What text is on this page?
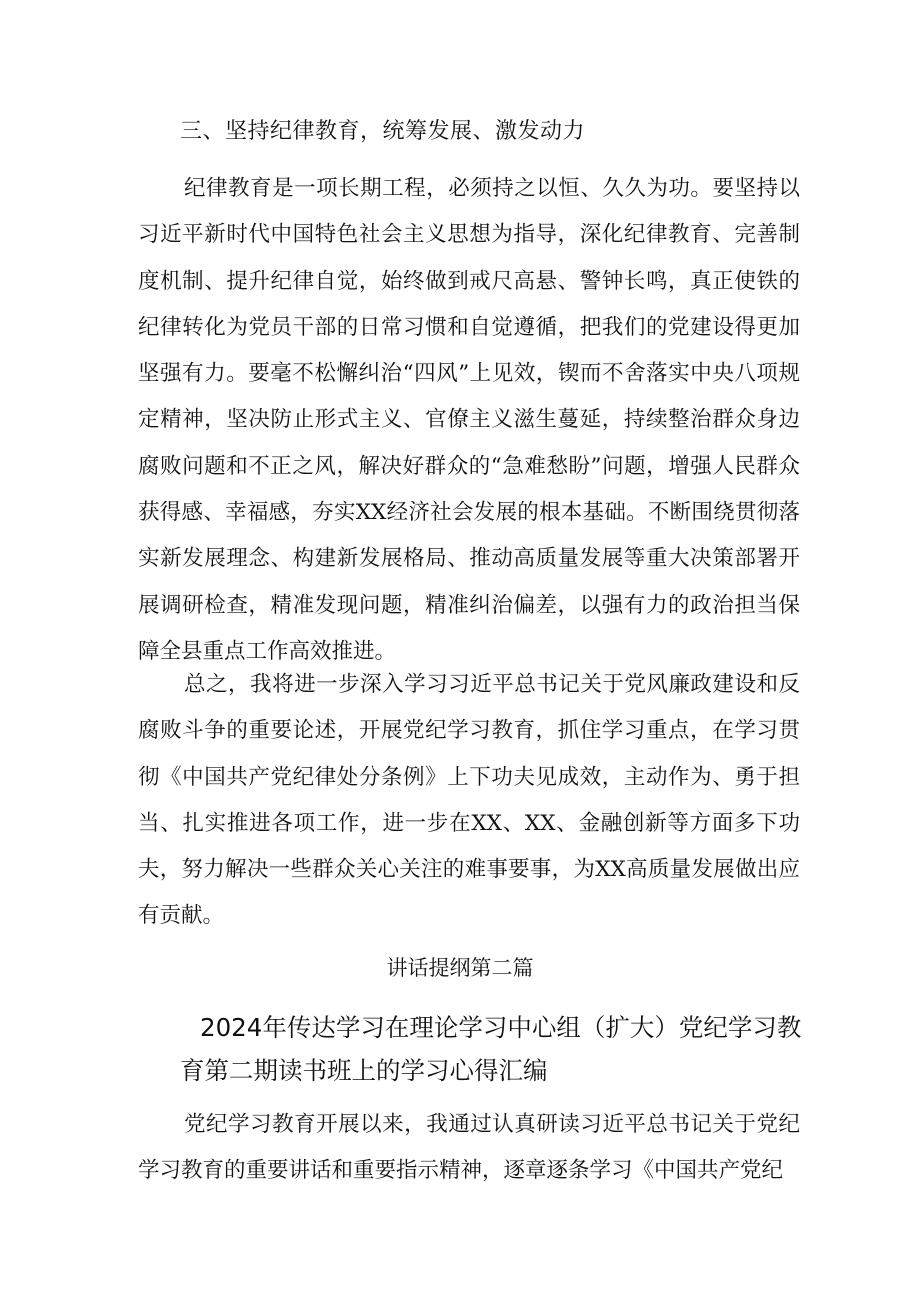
三、坚持纪律教育，统筹发展、激发动力

纪律教育是一项长期工程，必须持之以恒、久久为功。要坚持以习近平新时代中国特色社会主义思想为指导，深化纪律教育、完善制度机制、提升纪律自觉，始终做到戒尺高悬、警钟长鸣，真正使铁的纪律转化为党员干部的日常习惯和自觉遵循，把我们的党建设得更加坚强有力。要毫不松懈纠治“四风”上见效，锲而不舍落实中央八项规定精神，坚决防止形式主义、官僚主义滋生蔓延，持续整治群众身边腐败问题和不正之风，解决好群众的“急难愁盼”问题，增强人民群众获得感、幸福感，夯实XX经济社会发展的根本基础。不断围绕贯彻落实新发展理念、构建新发展格局、推动高质量发展等重大决策部署开展调研检查，精准发现问题，精准纠治偏差，以强有力的政治担当保障全县重点工作高效推进。

总之，我将进一步深入学习习近平总书记关于党风廉政建设和反腐败斗争的重要论述，开展党纪学习教育，抓住学习重点，在学习贯彻《中国共产党纪律处分条例》上下功夫见成效，主动作为、勇于担当、扎实推进各项工作，进一步在XX、XX、金融创新等方面多下功夫，努力解决一些群众关心关注的难事要事，为XX高质量发展做出应有贡献。

讲话提纲第二篇
2024年传达学习在理论学习中心组（扩大）党纪学习教
育第二期读书班上的学习心得汇编

党纪学习教育开展以来，我通过认真研读习近平总书记关于党纪学习教育的重要讲话和重要指示精神，逐章逐条学习《中国共产党纪
